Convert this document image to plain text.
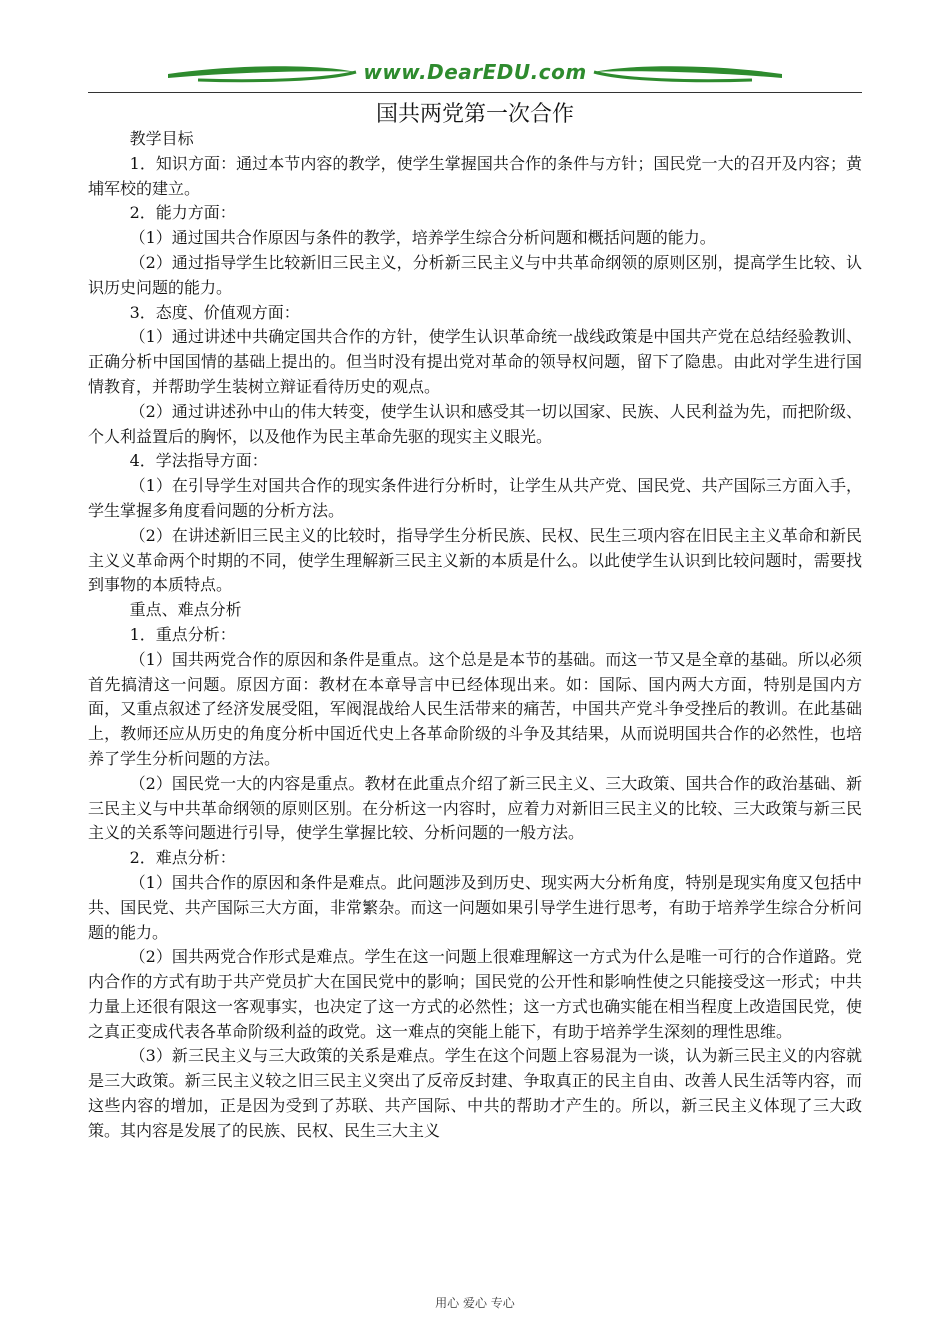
www.DearEDU.com
国共两党第一次合作

教学目标

1．知识方面：通过本节内容的教学，使学生掌握国共合作的条件与方针；国民党一大的召开及内容；黄埔军校的建立。

2．能力方面：

（1）通过国共合作原因与条件的教学，培养学生综合分析问题和概括问题的能力。

（2）通过指导学生比较新旧三民主义，分析新三民主义与中共革命纲领的原则区别，提高学生比较、认识历史问题的能力。

3．态度、价值观方面：

（1）通过讲述中共确定国共合作的方针，使学生认识革命统一战线政策是中国共产党在总结经验教训、正确分析中国国情的基础上提出的。但当时没有提出党对革命的领导权问题，留下了隐患。由此对学生进行国情教育，并帮助学生装树立辩证看待历史的观点。

（2）通过讲述孙中山的伟大转变，使学生认识和感受其一切以国家、民族、人民利益为先，而把阶级、个人利益置后的胸怀，以及他作为民主革命先驱的现实主义眼光。

4．学法指导方面：

（1）在引导学生对国共合作的现实条件进行分析时，让学生从共产党、国民党、共产国际三方面入手，学生掌握多角度看问题的分析方法。

（2）在讲述新旧三民主义的比较时，指导学生分析民族、民权、民生三项内容在旧民主主义革命和新民主义义革命两个时期的不同，使学生理解新三民主义新的本质是什么。以此使学生认识到比较问题时，需要找到事物的本质特点。

重点、难点分析

1．重点分析：

（1）国共两党合作的原因和条件是重点。这个总是是本节的基础。而这一节又是全章的基础。所以必须首先搞清这一问题。原因方面：教材在本章导言中已经体现出来。如：国际、国内两大方面，特别是国内方面，又重点叙述了经济发展受阻，军阀混战给人民生活带来的痛苦，中国共产党斗争受挫后的教训。在此基础上，教师还应从历史的角度分析中国近代史上各革命阶级的斗争及其结果，从而说明国共合作的必然性，也培养了学生分析问题的方法。

（2）国民党一大的内容是重点。教材在此重点介绍了新三民主义、三大政策、国共合作的政治基础、新三民主义与中共革命纲领的原则区别。在分析这一内容时，应着力对新旧三民主义的比较、三大政策与新三民主义的关系等问题进行引导，使学生掌握比较、分析问题的一般方法。

2．难点分析：

（1）国共合作的原因和条件是难点。此问题涉及到历史、现实两大分析角度，特别是现实角度又包括中共、国民党、共产国际三大方面，非常繁杂。而这一问题如果引导学生进行思考，有助于培养学生综合分析问题的能力。

（2）国共两党合作形式是难点。学生在这一问题上很难理解这一方式为什么是唯一可行的合作道路。党内合作的方式有助于共产党员扩大在国民党中的影响；国民党的公开性和影响性使之只能接受这一形式；中共力量上还很有限这一客观事实，也决定了这一方式的必然性；这一方式也确实能在相当程度上改造国民党，使之真正变成代表各革命阶级利益的政党。这一难点的突能上能下，有助于培养学生深刻的理性思维。

（3）新三民主义与三大政策的关系是难点。学生在这个问题上容易混为一谈，认为新三民主义的内容就是三大政策。新三民主义较之旧三民主义突出了反帝反封建、争取真正的民主自由、改善人民生活等内容，而这些内容的增加，正是因为受到了苏联、共产国际、中共的帮助才产生的。所以，新三民主义体现了三大政策。其内容是发展了的民族、民权、民生三大主义

用心 爱心 专心
